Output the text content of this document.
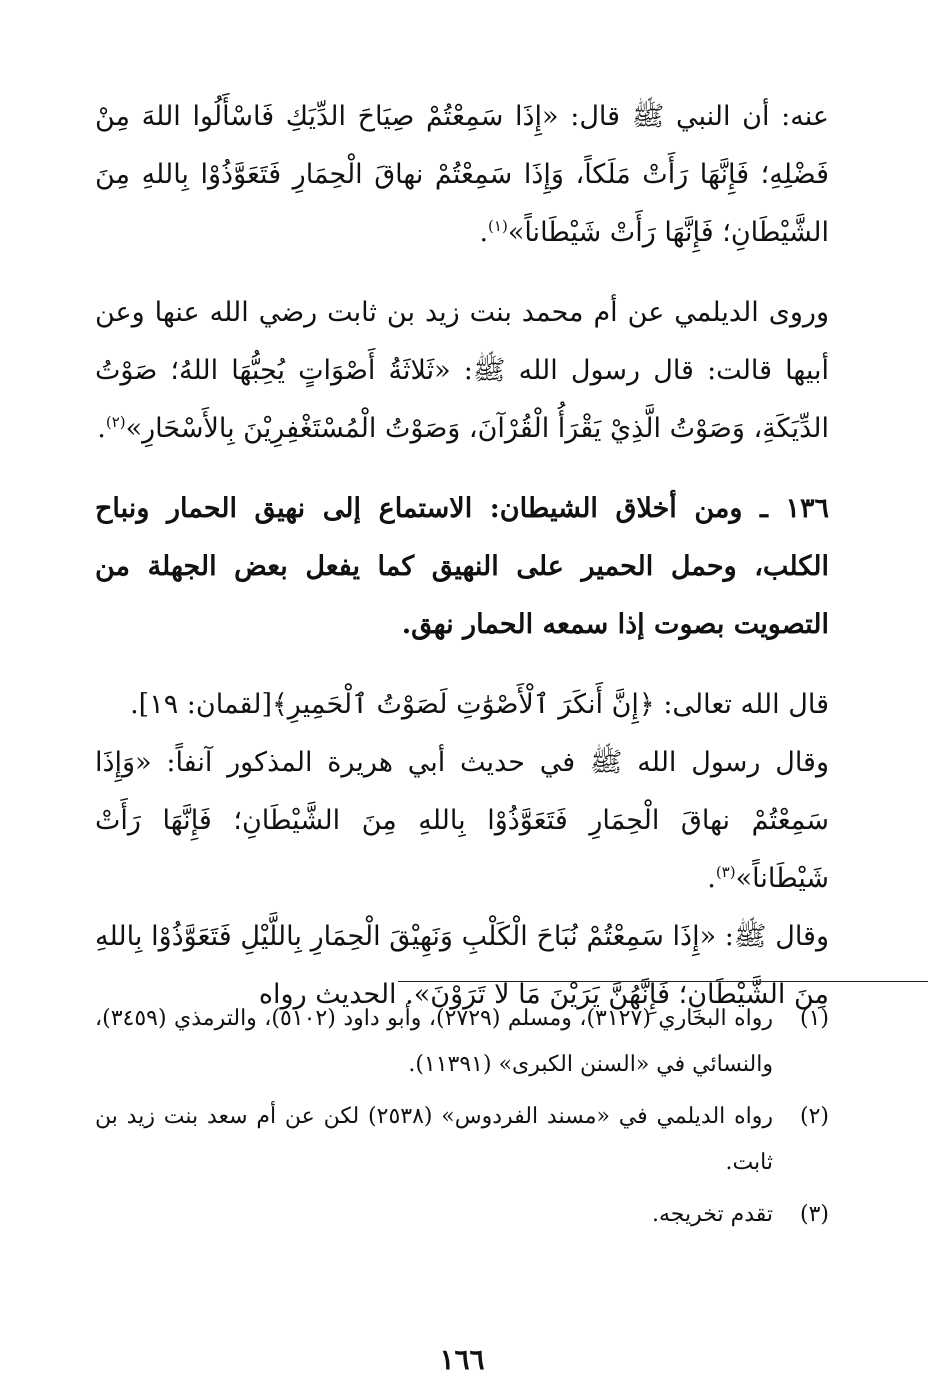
عنه: أن النبي ﷺ قال: «إِذَا سَمِعْتُمْ صِيَاحَ الدِّيَكِ فَاسْأَلُوا اللهَ مِنْ فَضْلِهِ؛ فَإِنَّهَا رَأَتْ مَلَكاً، وَإِذَا سَمِعْتُمْ نهاقَ الْحِمَارِ فَتَعَوَّذُوْا بِاللهِ مِنَ الشَّيْطَانِ؛ فَإِنَّهَا رَأَتْ شَيْطَاناً»$^{(١)}$.

وروى الديلمي عن أم محمد بنت زيد بن ثابت رضي الله عنها وعن أبيها قالت: قال رسول الله ﷺ: «ثَلاثَةُ أَصْوَاتٍ يُحِبُّهَا اللهُ؛ صَوْتُ الدِّيَكَةِ، وَصَوْتُ الَّذِيْ يَقْرَأُ الْقُرْآنَ، وَصَوْتُ الْمُسْتَغْفِرِيْنَ بِالأَسْحَارِ»$^{(٢)}$.

١٣٦ ـ ومن أخلاق الشيطان: الاستماع إلى نهيق الحمار ونباح الكلب، وحمل الحمير على النهيق كما يفعل بعض الجهلة من التصويت بصوت إذا سمعه الحمار نهق.

قال الله تعالى: ﴿إِنَّ أَنكَرَ ٱلْأَصْوَٰتِ لَصَوْتُ ٱلْحَمِيرِ﴾[لقمان: ١٩].

وقال رسول الله ﷺ في حديث أبي هريرة المذكور آنفاً: «وَإِذَا سَمِعْتُمْ نهاقَ الْحِمَارِ فَتَعَوَّذُوْا بِاللهِ مِنَ الشَّيْطَانِ؛ فَإِنَّهَا رَأَتْ شَيْطَاناً»$^{(٣)}$.

وقال ﷺ: «إِذَا سَمِعْتُمْ نُبَاحَ الْكَلْبِ وَنَهِيْقَ الْحِمَارِ بِاللَّيْلِ فَتَعَوَّذُوْا بِاللهِ مِنَ الشَّيْطَانِ؛ فَإِنَّهُنَّ يَرَيْنَ مَا لا تَرَوْنَ». الحديث رواه

(١)
رواه البخاري (٣١٢٧)، ومسلم (٢٧٢٩)، وأبو داود (٥١٠٢)، والترمذي (٣٤٥٩)، والنسائي في «السنن الكبرى» (١١٣٩١).
(٢)
رواه الديلمي في «مسند الفردوس» (٢٥٣٨) لكن عن أم سعد بنت زيد بن ثابت.
(٣)
تقدم تخريجه.
١٦٦
